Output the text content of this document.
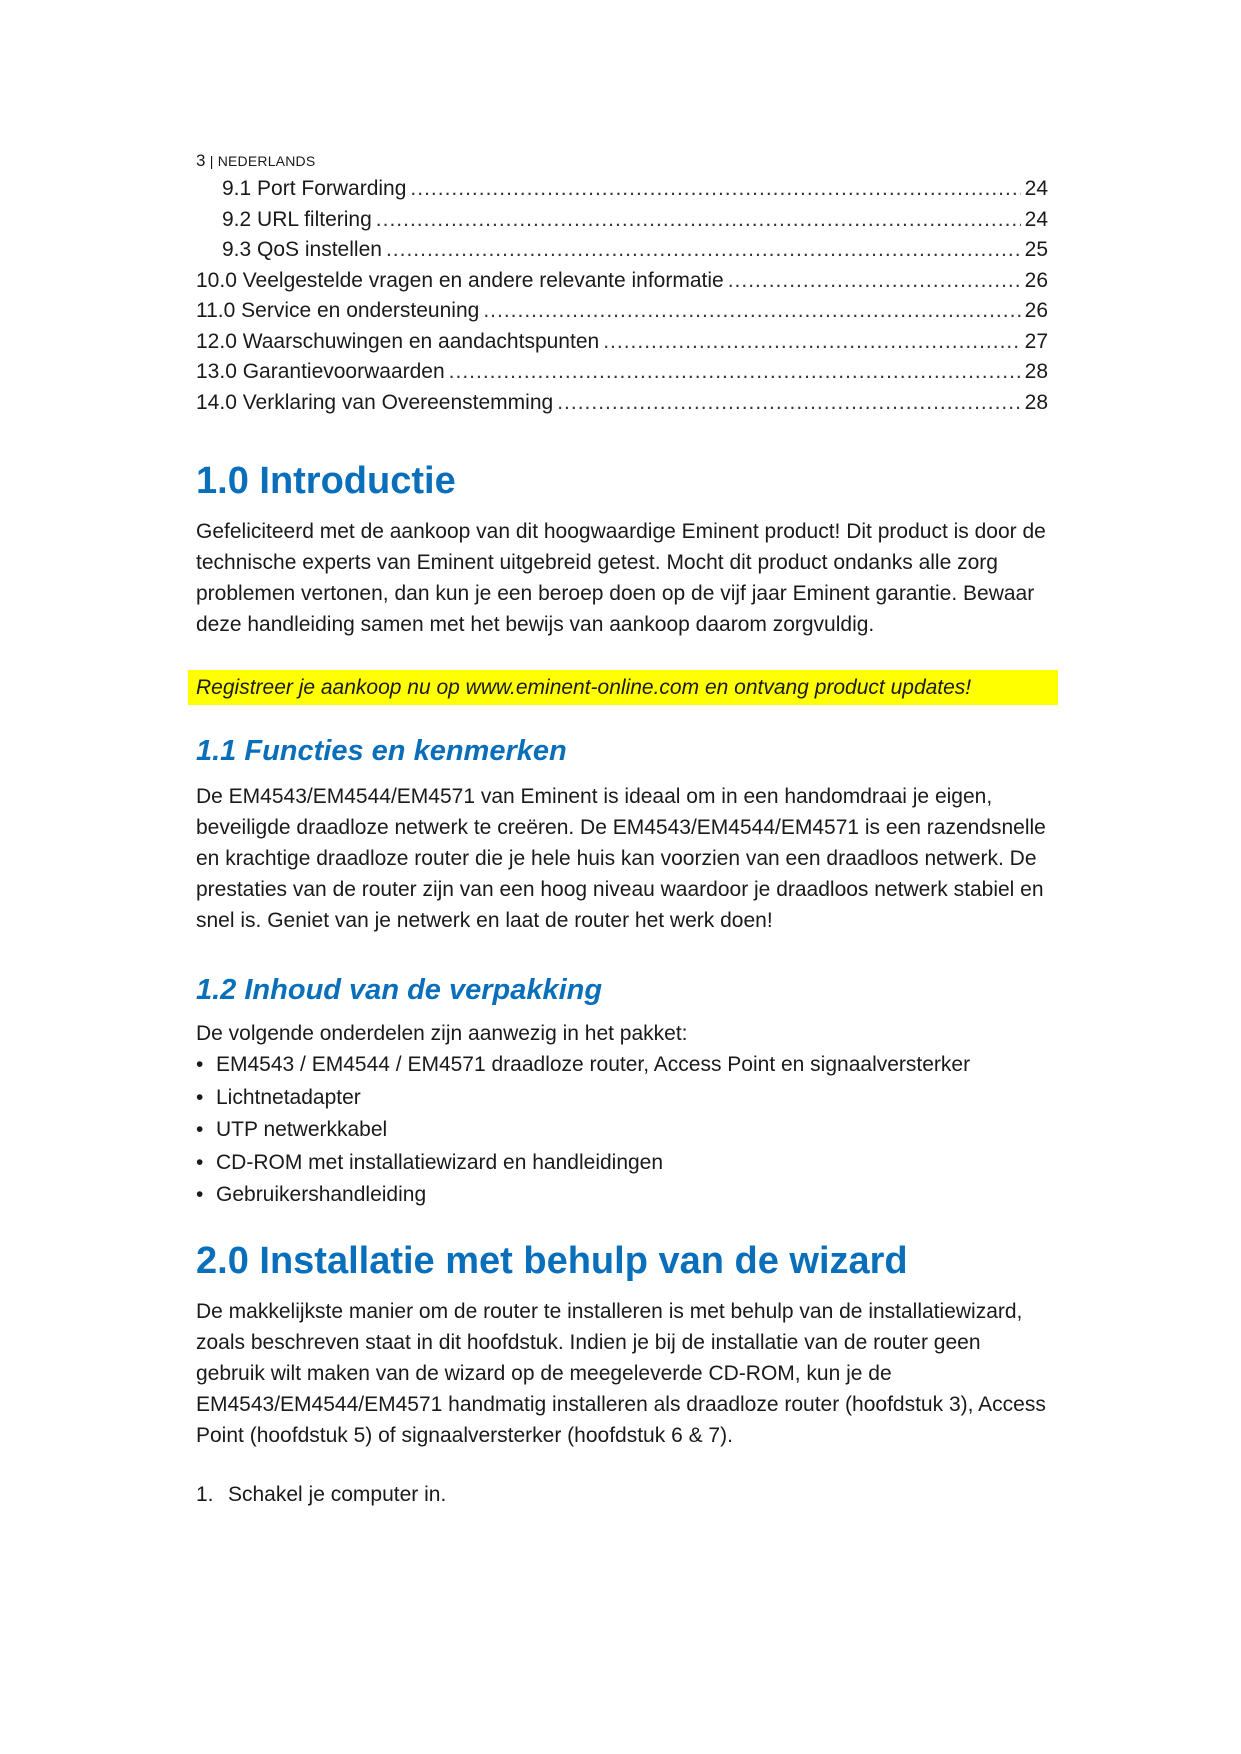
3 | NEDERLANDS
9.1 Port Forwarding .....	24
9.2 URL filtering .....	24
9.3 QoS instellen .....	25
10.0 Veelgestelde vragen en andere relevante informatie .....	26
11.0 Service en ondersteuning .....	26
12.0 Waarschuwingen en aandachtspunten .....	27
13.0 Garantievoorwaarden .....	28
14.0 Verklaring van Overeenstemming .....	28
1.0 Introductie

Gefeliciteerd met de aankoop van dit hoogwaardige Eminent product! Dit product is door de technische experts van Eminent uitgebreid getest. Mocht dit product ondanks alle zorg problemen vertonen, dan kun je een beroep doen op de vijf jaar Eminent garantie. Bewaar deze handleiding samen met het bewijs van aankoop daarom zorgvuldig.

Registreer je aankoop nu op www.eminent-online.com en ontvang product updates!
1.1 Functies en kenmerken

De EM4543/EM4544/EM4571 van Eminent is ideaal om in een handomdraai je eigen, beveiligde draadloze netwerk te creëren. De EM4543/EM4544/EM4571 is een razendsnelle en krachtige draadloze router die je hele huis kan voorzien van een draadloos netwerk. De prestaties van de router zijn van een hoog niveau waardoor je draadloos netwerk stabiel en snel is. Geniet van je netwerk en laat de router het werk doen!

1.2 Inhoud van de verpakking

De volgende onderdelen zijn aanwezig in het pakket:

• EM4543 / EM4544 / EM4571 draadloze router, Access Point en signaalversterker
• Lichtnetadapter
• UTP netwerkkabel
• CD-ROM met installatiewizard en handleidingen
• Gebruikershandleiding
2.0 Installatie met behulp van de wizard

De makkelijkste manier om de router te installeren is met behulp van de installatiewizard, zoals beschreven staat in dit hoofdstuk. Indien je bij de installatie van de router geen gebruik wilt maken van de wizard op de meegeleverde CD-ROM, kun je de EM4543/EM4544/EM4571 handmatig installeren als draadloze router (hoofdstuk 3), Access Point (hoofdstuk 5) of signaalversterker (hoofdstuk 6 & 7).

1. Schakel je computer in.
